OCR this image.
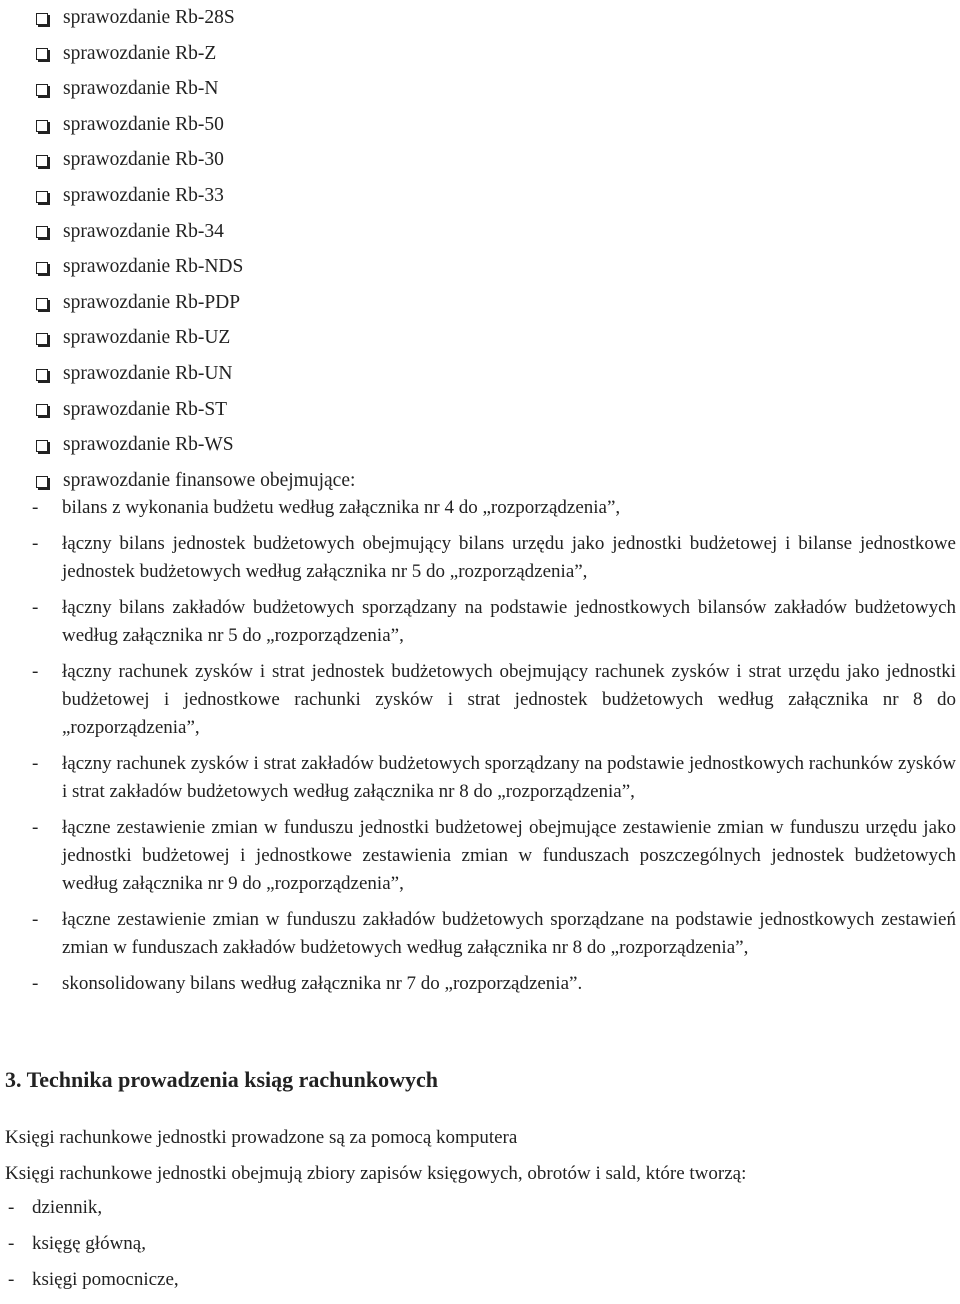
sprawozdanie Rb-28S
sprawozdanie Rb-Z
sprawozdanie Rb-N
sprawozdanie Rb-50
sprawozdanie Rb-30
sprawozdanie Rb-33
sprawozdanie Rb-34
sprawozdanie Rb-NDS
sprawozdanie Rb-PDP
sprawozdanie Rb-UZ
sprawozdanie Rb-UN
sprawozdanie Rb-ST
sprawozdanie Rb-WS
sprawozdanie finansowe obejmujące:
- bilans z wykonania budżetu według załącznika nr 4 do „rozporządzenia”,
- łączny bilans jednostek budżetowych obejmujący bilans urzędu jako jednostki budżetowej i bilanse jednostkowe jednostek budżetowych według załącznika nr 5 do „rozporządzenia”,
- łączny bilans zakładów budżetowych sporządzany na podstawie jednostkowych bilansów zakładów budżetowych według załącznika nr 5 do „rozporządzenia”,
- łączny rachunek zysków i strat jednostek budżetowych obejmujący rachunek zysków i strat urzędu jako jednostki budżetowej i jednostkowe rachunki zysków i strat jednostek budżetowych według załącznika nr 8 do „rozporządzenia”,
- łączny rachunek zysków i strat zakładów budżetowych sporządzany na podstawie jednostkowych rachunków zysków i strat zakładów budżetowych według załącznika nr 8 do „rozporządzenia”,
- łączne zestawienie zmian w funduszu jednostki budżetowej obejmujące zestawienie zmian w funduszu urzędu jako jednostki budżetowej i jednostkowe zestawienia zmian w funduszach poszczególnych jednostek budżetowych według załącznika nr 9 do „rozporządzenia”,
- łączne zestawienie zmian w funduszu zakładów budżetowych sporządzane na podstawie jednostkowych zestawień zmian w funduszach zakładów budżetowych według załącznika nr 8 do „rozporządzenia”,
- skonsolidowany bilans według załącznika nr 7 do „rozporządzenia”.
3. Technika prowadzenia ksiąg rachunkowych
Księgi rachunkowe jednostki prowadzone są za pomocą komputera
Księgi rachunkowe jednostki obejmują zbiory zapisów księgowych, obrotów i sald, które tworzą:
- dziennik,
- księgę główną,
- księgi pomocnicze,
